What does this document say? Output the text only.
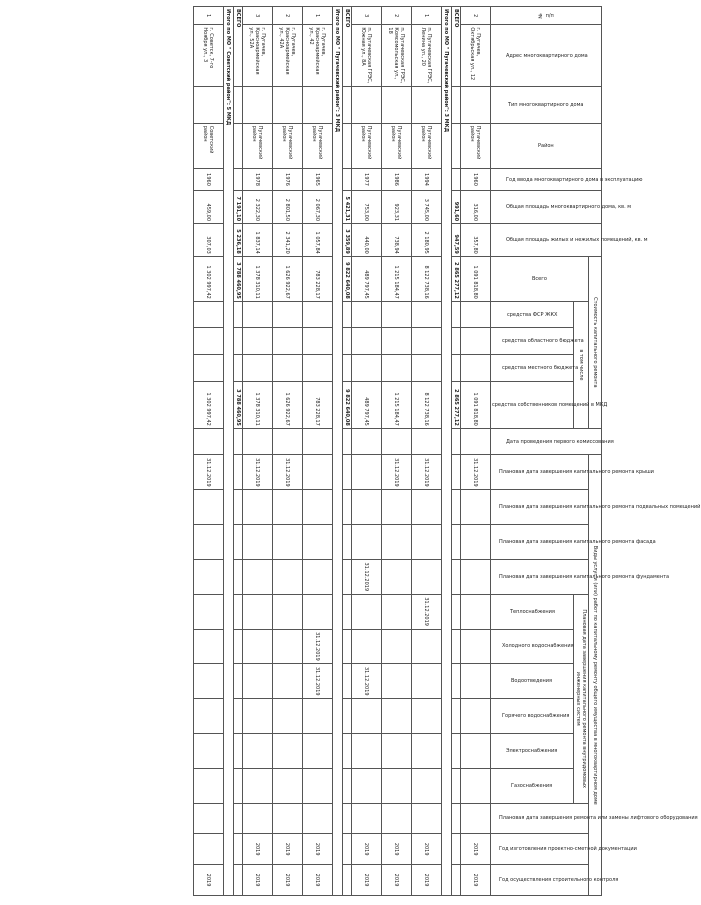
№ п/п	Адрес многоквартирного дома	Тип многоквартирного дома	Район	Год ввода многоквартирного дома в эксплуатацию	Общая площадь многоквартирного дома, кв. м	Общая площадь жилых и нежилых помещений, кв. м	Стоимость капитального ремонта					Дата проведения первого комиссования	Виды услуг и (или) работ по капитальному ремонту общего имущества в многоквартирном доме												

							Всего	в том числе					Плановая дата завершения капитального ремонта крыши	Плановая дата завершения капитального ремонта подвальных помещений	Плановая дата завершения капитального ремонта фасада	Плановая дата завершения капитального ремонта фундамента	Плановая дата завершения капитального ремонта внутридомовых инженерных систем						Плановая дата завершения ремонта или замены лифтового оборудования	Год изготовления проектно-сметной документации	Год осуществления строительного контроля

								средства ФСР ЖКХ	средства областного бюджета	средства местного бюджета	средства собственников помещений в МКД						Теплоснабжения	Холодного водоснабжения	Водоотведения	Горячего водоснабжения	Электроснабжения	Газоснабжения			

2	г. Пугачев, Октябрьская ул., 12		Пугачевский район	1960	316,00	357,80	1 091 818,80				1 091 818,80		31.12.2019											2019	2019
ВСЕГО					991,60	947,59	2 865 277,12				2 865 277,12														
Итого по МО " Пугачевский район": 3 МКД																									
1	п. Пугачевская ГРЭС, Ленина ул., 20		Пугачевский район	1994	3 745,00	2 180,95	8 122 738,16				8 122 738,16		31.12.2019				31.12.2019							2019	2019
2	п. Пугачевская ГРЭС, Комсомольская ул., 18		Пугачевский район	1986	923,31	738,94	1 215 184,47				1 215 184,47		31.12.2019											2019	2019
3	п. Пугачевская ГРЭС, Южная ул., 8А		Пугачевский район	1977	753,00	440,00	489 797,45				489 797,45					31.12.2019			31.12.2019					2019	2019
ВСЕГО					5 421,31	3 359,89	9 822 640,08				9 822 640,08														
Итого по МО " Пугачевский район": 3 МКД																									
1	г. Пугачев, Красноармейская ул., 42		Пугачевский район	1965	2 067,30	1 057,84	783 228,17				783 228,17							31.12.2019	31.12.2019					2019	2019
2	г. Пугачев, Красноармейская ул., 42А		Пугачевский район	1976	2 801,50	2 341,20	1 626 922,67				1 626 922,67		31.12.2019											2019	2019
3	г. Пугачев, Красноармейская ул., 52А		Пугачевский район	1978	2 322,30	1 837,14	1 378 310,11				1 378 310,11		31.12.2019											2019	2019
ВСЕГО					7 191,10	5 236,18	3 788 460,95				3 788 460,95														
Итого по МО " Советский район": 5 МКД																									
1	г. Советск, 7-го Ноября ул., 3		Советский район	1960	459,00	307,03	1 302 997,42				1 302 997,42		31.12.2019												2019
